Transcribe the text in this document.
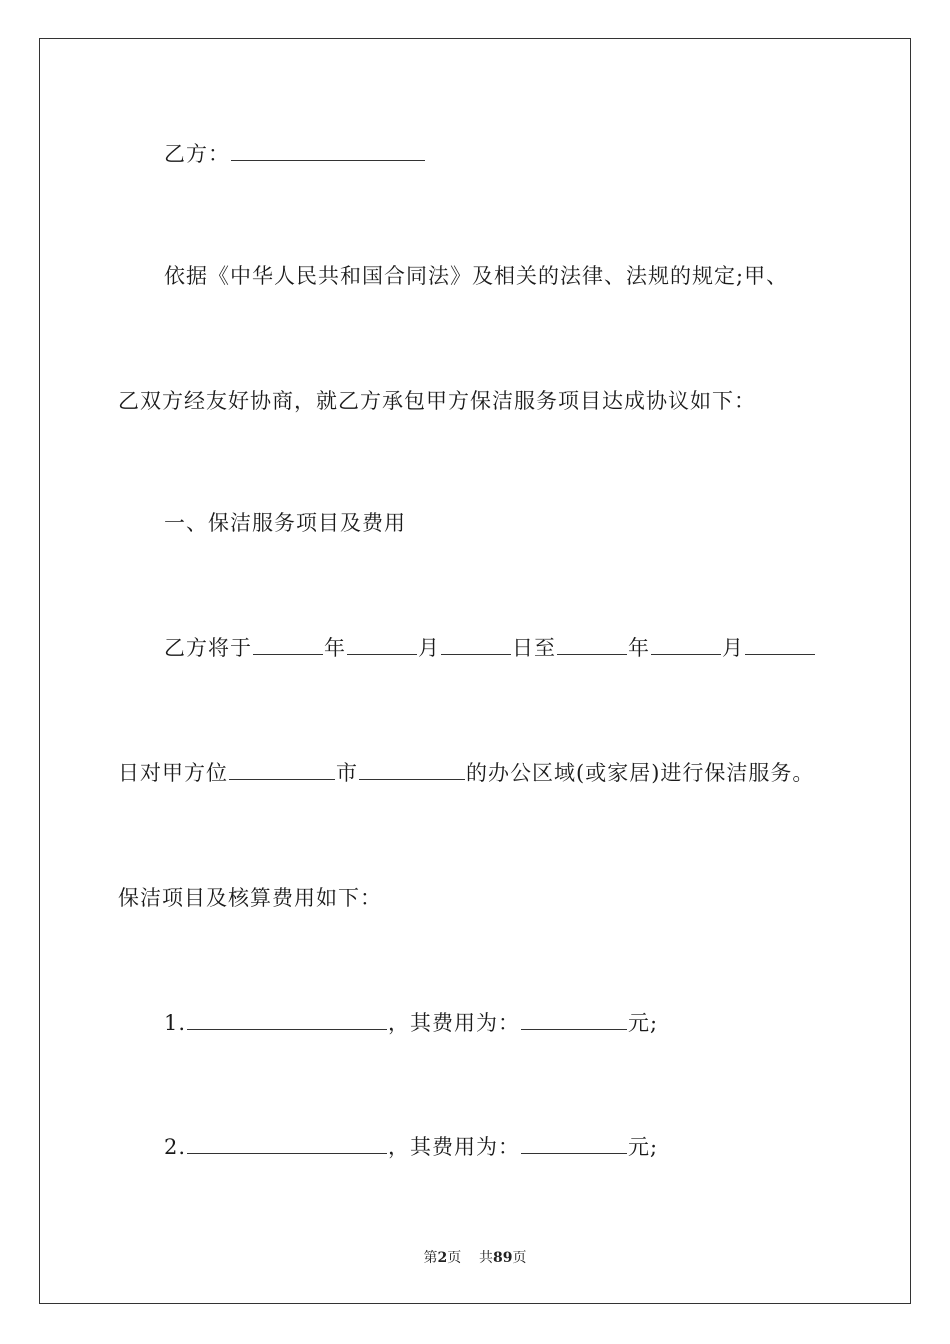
乙方：
依据《中华人民共和国合同法》及相关的法律、法规的规定;甲、
乙双方经友好协商，就乙方承包甲方保洁服务项目达成协议如下：
一、保洁服务项目及费用
乙方将于	年	月	日至	年	月
日对甲方位	市	的办公区域(或家居)进行保洁服务。
保洁项目及核算费用如下：
1.	，其费用为：	元;
2.	，其费用为：	元;
第2页 共89页
